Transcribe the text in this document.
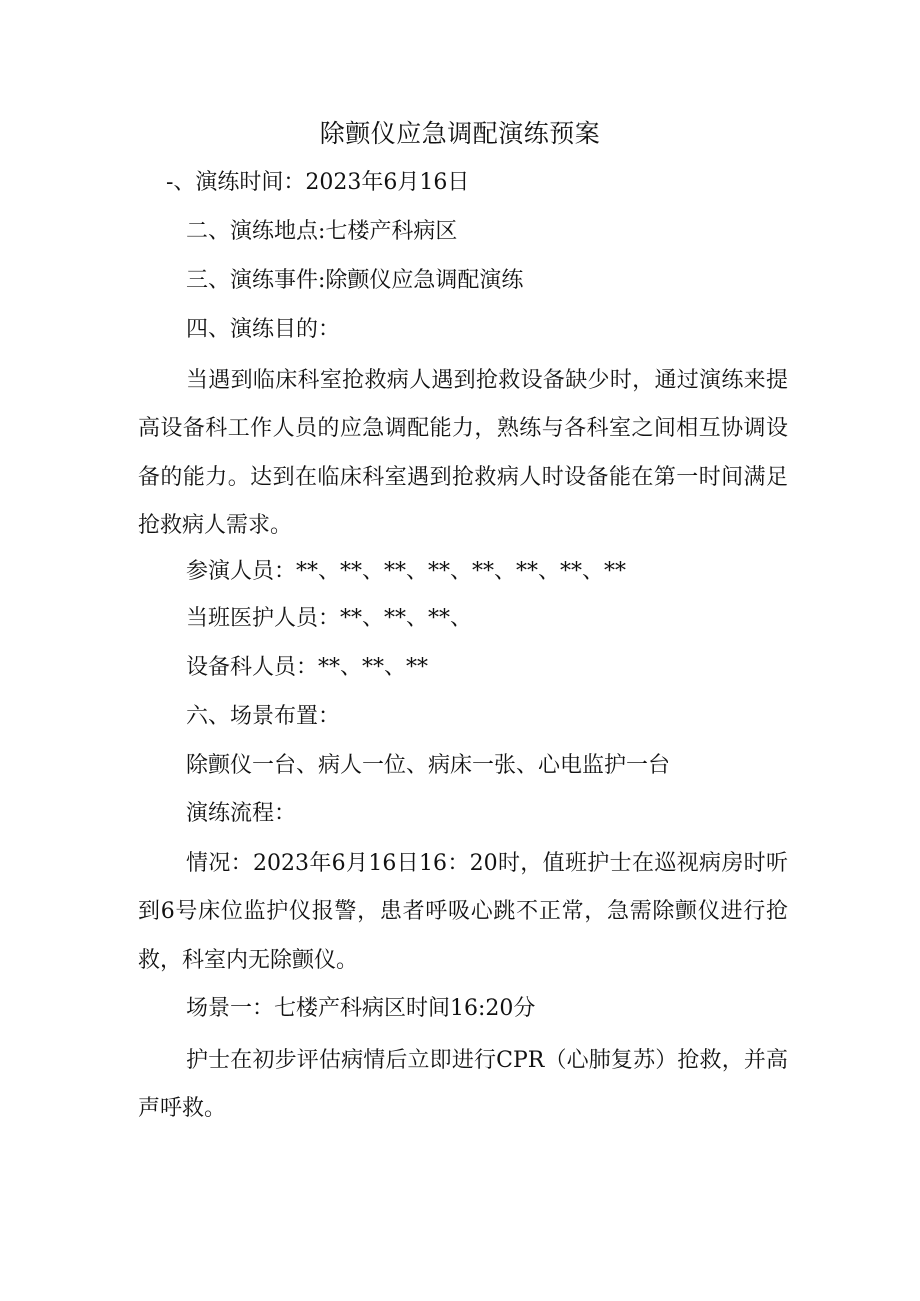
除颤仪应急调配演练预案
-、演练时间：2023年6月16日
二、演练地点:七楼产科病区
三、演练事件:除颤仪应急调配演练
四、演练目的：
当遇到临床科室抢救病人遇到抢救设备缺少时，通过演练来提高设备科工作人员的应急调配能力，熟练与各科室之间相互协调设备的能力。达到在临床科室遇到抢救病人时设备能在第一时间满足抢救病人需求。
参演人员：**、**、**、**、**、**、**、**
当班医护人员：**、**、**、
设备科人员：**、**、**
六、场景布置：
除颤仪一台、病人一位、病床一张、心电监护一台
演练流程：
情况：2023年6月16日16：20时，值班护士在巡视病房时听到6号床位监护仪报警，患者呼吸心跳不正常，急需除颤仪进行抢救，科室内无除颤仪。
场景一：七楼产科病区时间16:20分
护士在初步评估病情后立即进行CPR（心肺复苏）抢救，并高声呼救。
